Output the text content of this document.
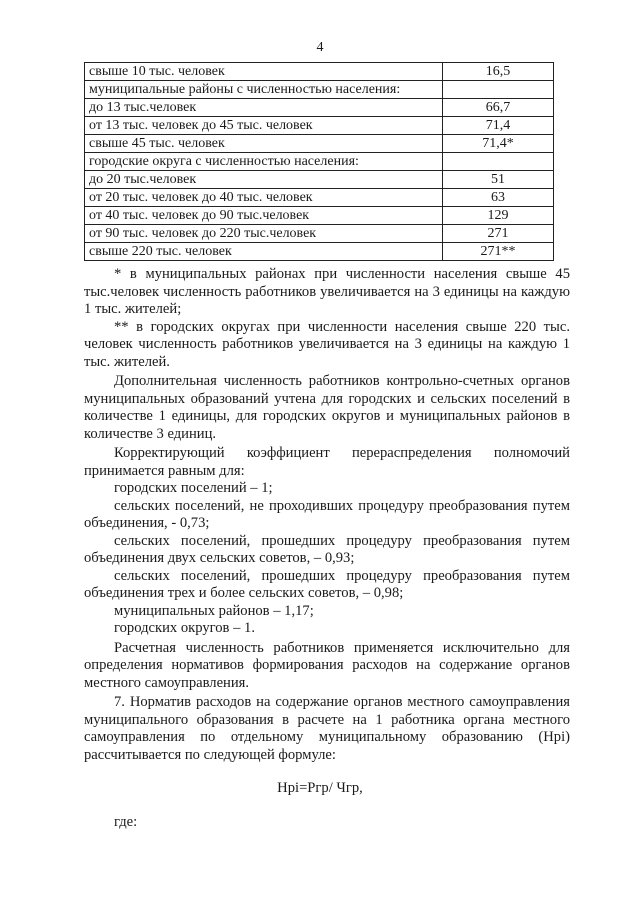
4
свыше 10 тыс. человек	16,5
муниципальные районы с численностью населения:	
до 13 тыс.человек	66,7
от 13 тыс. человек до 45 тыс. человек	71,4
свыше 45 тыс. человек	71,4*
городские округа с численностью населения:	
до 20 тыс.человек	51
от 20 тыс. человек до 40 тыс. человек	63
от 40 тыс. человек до 90 тыс.человек	129
от 90 тыс. человек до 220 тыс.человек	271
свыше 220 тыс. человек	271**

* в муниципальных районах при численности населения свыше 45 тыс.человек численность работников увеличивается на 3 единицы на каждую 1 тыс. жителей;

** в городских округах при численности населения свыше 220 тыс. человек численность работников увеличивается на 3 единицы на каждую 1 тыс. жителей.

Дополнительная численность работников контрольно-счетных органов муниципальных образований учтена для городских и сельских поселений в количестве 1 единицы, для городских округов и муниципальных районов в количестве 3 единиц.

Корректирующий коэффициент перераспределения полномочий принимается равным для:

городских поселений – 1;

сельских поселений, не проходивших процедуру преобразования путем объединения, - 0,73;

сельских поселений, прошедших процедуру преобразования путем объединения двух сельских советов, – 0,93;

сельских поселений, прошедших процедуру преобразования путем объединения трех и более сельских советов, – 0,98;

муниципальных районов – 1,17;

городских округов – 1.

Расчетная численность работников применяется исключительно для определения нормативов формирования расходов на содержание органов местного самоуправления.

7. Норматив расходов на содержание органов местного самоуправления муниципального образования в расчете на 1 работника органа местного самоуправления по отдельному муниципальному образованию (Нрi) рассчитывается по следующей формуле:

Нрi=Ргр/ Чгр,
где:
